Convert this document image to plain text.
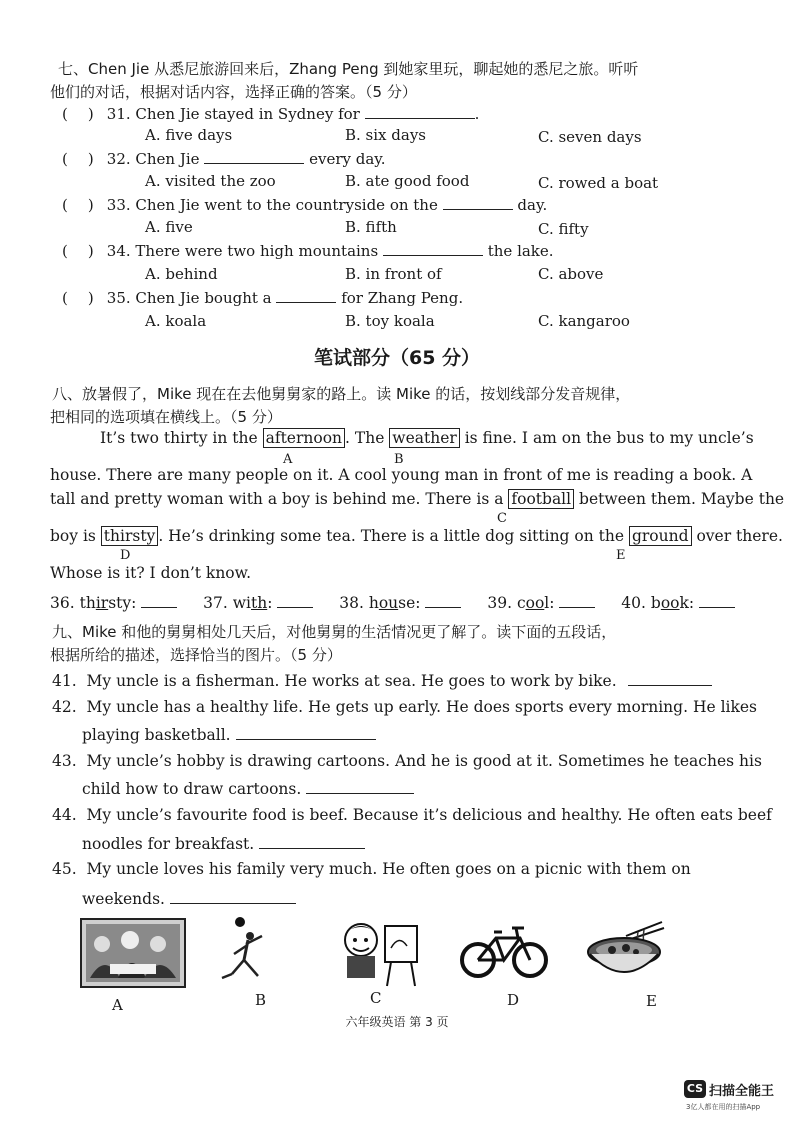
七、Chen Jie 从悉尼旅游回来后，Zhang Peng 到她家里玩，聊起她的悉尼之旅。听听
他们的对话，根据对话内容，选择正确的答案。（5 分）
( ) 31. Chen Jie stayed in Sydney for	.
A. five days	B. six days	C. seven days
( ) 32. Chen Jie	every day.
A. visited the zoo	B. ate good food	C. rowed a boat
( ) 33. Chen Jie went to the countryside on the	day.
A. five	B. fifth	C. fifty
( ) 34. There were two high mountains	the lake.
A. behind	B. in front of	C. above
( ) 35. Chen Jie bought a	for Zhang Peng.
A. koala	B. toy koala	C. kangaroo
笔试部分（65 分）
八、放暑假了，Mike 现在在去他舅舅家的路上。读 Mike 的话，按划线部分发音规律，
把相同的选项填在横线上。（5 分）
It’s two thirty in the afternoon . The weather is fine. I am on the bus to my uncle’s
A	B
house. There are many people on it. A cool young man in front of me is reading a book. A
tall and pretty woman with a boy is behind me. There is a football between them. Maybe the
C
boy is thirsty . He’s drinking some tea. There is a little dog sitting on the ground over there.
D	E
Whose is it? I don’t know.
36. thirsty:	37. with:	38. house:	39. cool:	40. book:
九、Mike 和他的舅舅相处几天后，对他舅舅的生活情况更了解了。读下面的五段话，
根据所给的描述，选择恰当的图片。（5 分）
41. My uncle is a fisherman. He works at sea. He goes to work by bike.
42. My uncle has a healthy life. He gets up early. He does sports every morning. He likes
playing basketball.
43. My uncle’s hobby is drawing cartoons. And he is good at it. Sometimes he teaches his
child how to draw cartoons.
44. My uncle’s favourite food is beef. Because it’s delicious and healthy. He often eats beef
noodles for breakfast.
45. My uncle loves his family very much. He often goes on a picnic with them on
weekends.
A	B	C	D	E
六年级英语 第 3 页
CS 扫描全能王
3亿人都在用的扫描App
